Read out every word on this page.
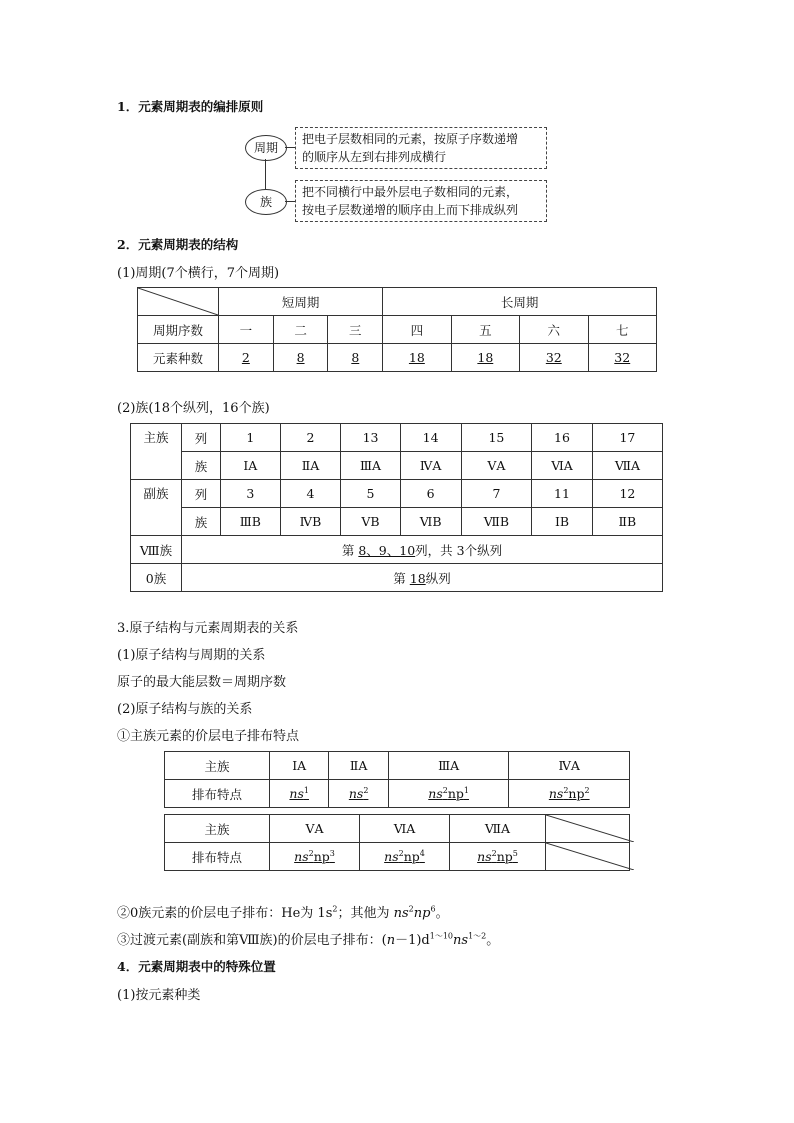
1．元素周期表的编排原则
周期
族
把电子层数相同的元素，按原子序数递增
的顺序从左到右排列成横行
把不同横行中最外层电子数相同的元素，
按电子层数递增的顺序由上而下排成纵列
2．元素周期表的结构
(1)周期(7个横行，7个周期)
	短周期			长周期			
周期序数	一	二	三	四	五	六	七
元素种数	2	8	8	18	18	32	32
(2)族(18个纵列，16个族)
主族	列	1	2	13	14	15	16	17
	族	ⅠA	ⅡA	ⅢA	ⅣA	ⅤA	ⅥA	ⅦA
副族	列	3	4	5	6	7	11	12
	族	ⅢB	ⅣB	ⅤB	ⅥB	ⅦB	ⅠB	ⅡB
Ⅷ族	第 8、9、10列，共 3个纵列							
0族	第 18纵列							
3.原子结构与元素周期表的关系
(1)原子结构与周期的关系
原子的最大能层数＝周期序数
(2)原子结构与族的关系
①主族元素的价层电子排布特点
主族	ⅠA	ⅡA	ⅢA	ⅣA
排布特点	$ns^1$	$ns^2$	$ns^2np^1$	$ns^2np^2$
主族	ⅤA	ⅥA	ⅦA	

排布特点	$ns^2np^3$	$ns^2np^4$	$ns^2np^5$	
②0族元素的价层电子排布：He为 $1s^2$；其他为 $ns^2np^6$。
③过渡元素(副族和第Ⅷ族)的价层电子排布：$(n-1)d^{1\sim 10}ns^{1\sim 2}$。
4．元素周期表中的特殊位置
(1)按元素种类
